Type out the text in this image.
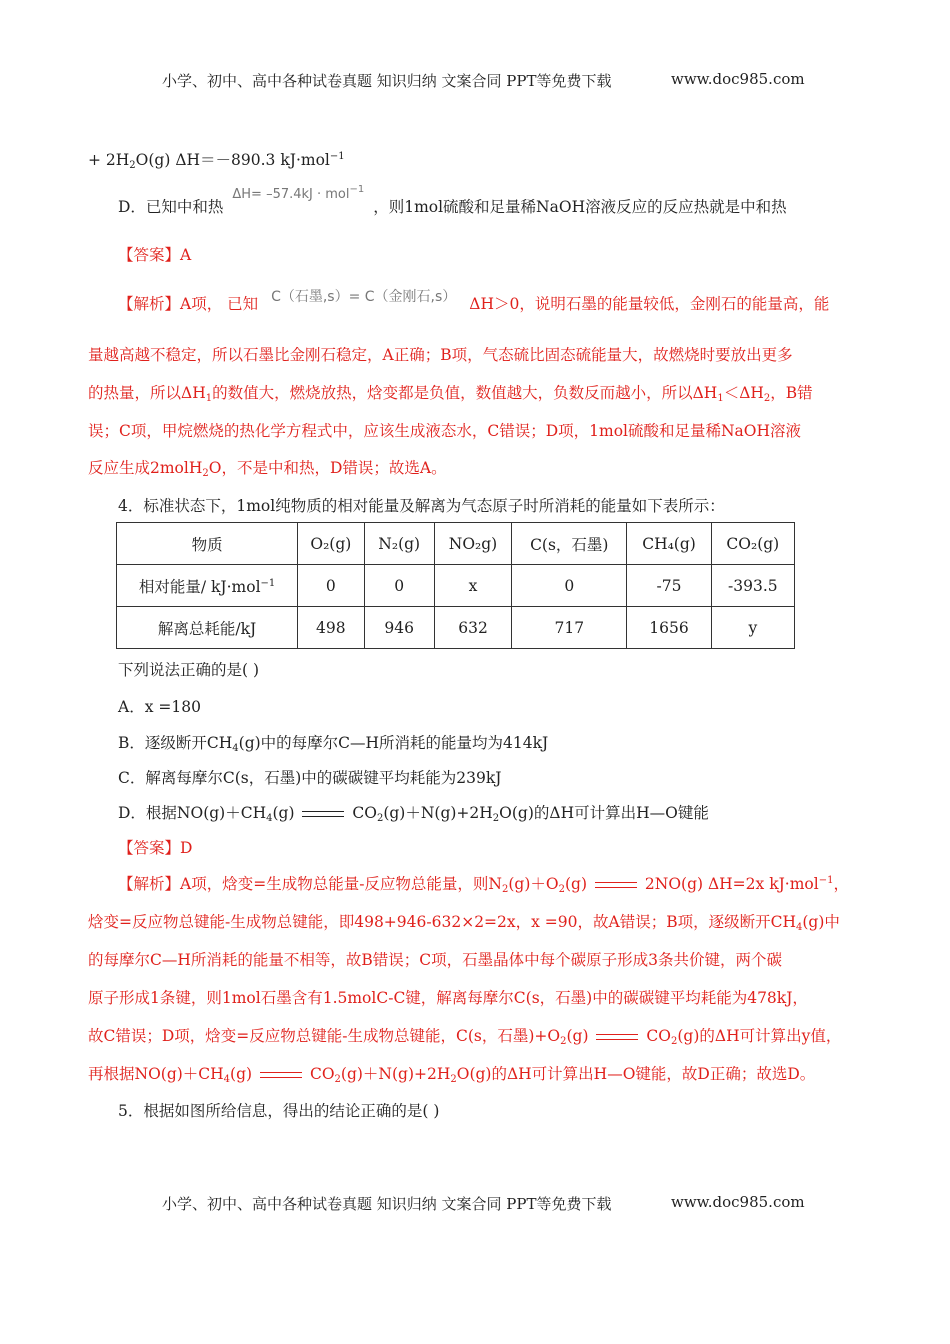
小学、初中、高中各种试卷真题 知识归纳 文案合同 PPT等免费下载	www.doc985.com
+ $2H_2O(g)$ ΔH＝－890.3 kJ·mol$^{-1}$
D．已知中和热 ΔH= –57.4kJ · mol$^{-1}$ ，则1mol硫酸和足量稀NaOH溶液反应的反应热就是中和热
【答案】A
【解析】A项， 已知 C（石墨,s）= C（金刚石,s） ΔH＞0，说明石墨的能量较低，金刚石的能量高，能
量越高越不稳定，所以石墨比金刚石稳定，A正确；B项，气态硫比固态硫能量大，故燃烧时要放出更多
的热量，所以$\Delta H_1$的数值大，燃烧放热，焓变都是负值，数值越大，负数反而越小，所以$\Delta H_1<\Delta H_2$，B错
误；C项，甲烷燃烧的热化学方程式中，应该生成液态水，C错误；D项，1mol硫酸和足量稀NaOH溶液
反应生成2molH$_2$O，不是中和热，D错误；故选A。
4．标准状态下，1mol纯物质的相对能量及解离为气态原子时所消耗的能量如下表所示：
物质	O₂(g)	N₂(g)	NO₂g)	C(s，石墨)	CH₄(g)	CO₂(g)
相对能量/ kJ·mol$^{-1}$	0	0	x	0	-75	-393.5
解离总耗能/kJ	498	946	632	717	1656	y
下列说法正确的是( )
A．x =180
B．逐级断开$CH_4(g)$中的每摩尔C—H所消耗的能量均为414kJ
C．解离每摩尔C(s，石墨)中的碳碳键平均耗能为239kJ
D．根据$NO(g)+CH_4(g)$	$CO_2(g)+N(g)+2H_2O(g)$的ΔH可计算出H—O键能
【答案】D
【解析】A项，焓变=生成物总能量-反应物总能量，则$N_2(g)+O_2(g)$	2NO(g) ΔH=2x kJ·mol$^{-1}$，
焓变=反应物总键能-生成物总键能，即498+946-632×2=2x，x =90，故A错误；B项，逐级断开$CH_4(g)$中
的每摩尔C—H所消耗的能量不相等，故B错误；C项，石墨晶体中每个碳原子形成3条共价键，两个碳
原子形成1条键，则1mol石墨含有1.5molC-C键，解离每摩尔C(s，石墨)中的碳碳键平均耗能为478kJ，
故C错误；D项，焓变=反应物总键能-生成物总键能，C(s，石墨)$+O_2(g)$	$CO_2(g)$的ΔH可计算出y值，
再根据$NO(g)+CH_4(g)$	$CO_2(g)+N(g)+2H_2O(g)$的ΔH可计算出H—O键能，故D正确；故选D。
5．根据如图所给信息，得出的结论正确的是( )
小学、初中、高中各种试卷真题 知识归纳 文案合同 PPT等免费下载	www.doc985.com
